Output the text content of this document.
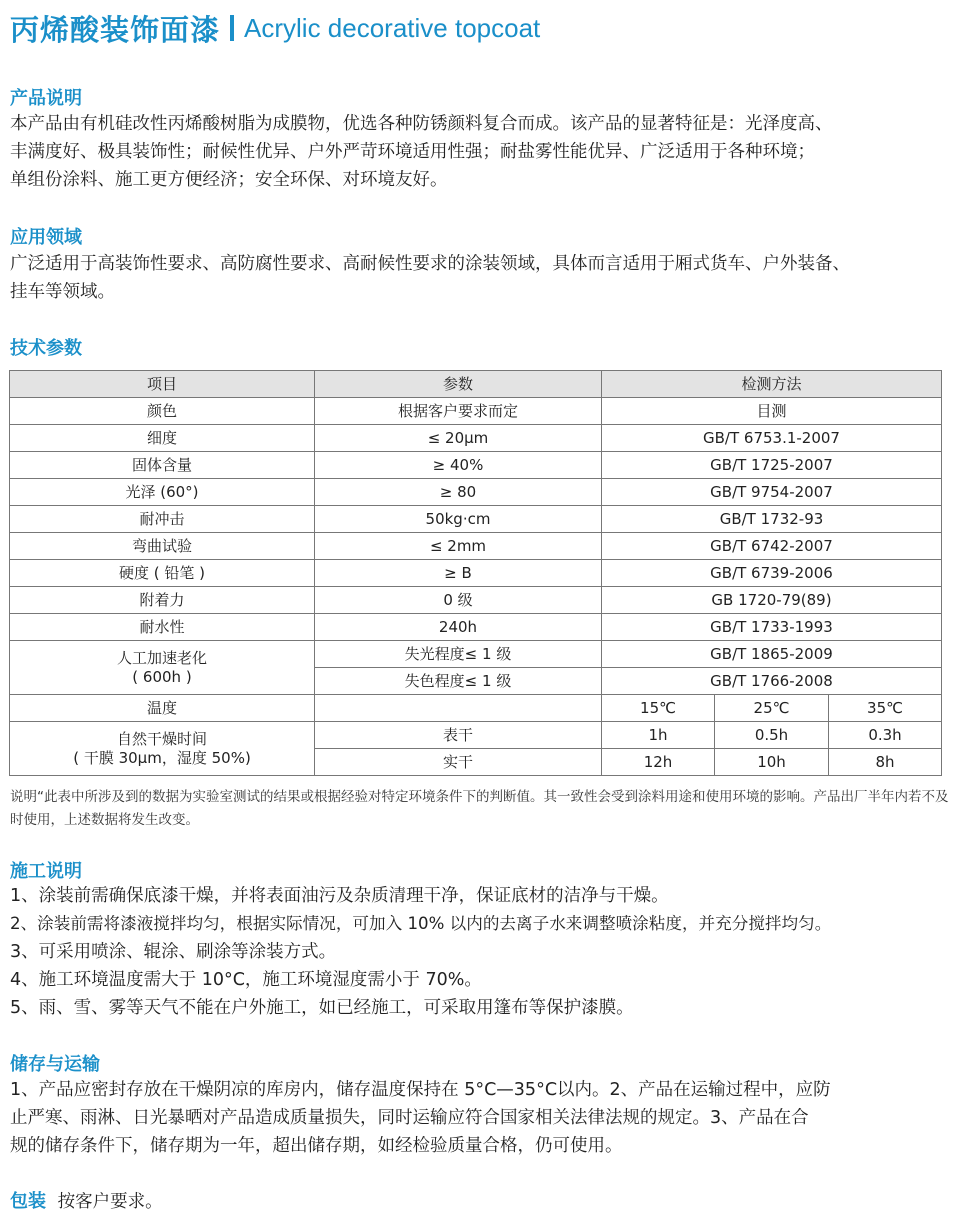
丙烯酸装饰面漆 Acrylic decorative topcoat
产品说明
本产品由有机硅改性丙烯酸树脂为成膜物，优选各种防锈颜料复合而成。该产品的显著特征是：光泽度高、
丰满度好、极具装饰性；耐候性优异、户外严苛环境适用性强；耐盐雾性能优异、广泛适用于各种环境；
单组份涂料、施工更方便经济；安全环保、对环境友好。
应用领域
广泛适用于高装饰性要求、高防腐性要求、高耐候性要求的涂装领域，具体而言适用于厢式货车、户外装备、
挂车等领域。
技术参数
项目	参数	检测方法		
颜色	根据客户要求而定	目测		
细度	≤ 20μm	GB/T 6753.1-2007		
固体含量	≥ 40%	GB/T 1725-2007		
光泽 (60°)	≥ 80	GB/T 9754-2007		
耐冲击	50kg·cm	GB/T 1732-93		
弯曲试验	≤ 2mm	GB/T 6742-2007		
硬度 ( 铅笔 )	≥ B	GB/T 6739-2006		
附着力	0 级	GB 1720-79(89)		
耐水性	240h	GB/T 1733-1993		

人工加速老化
( 600h )	失光程度≤ 1 级	GB/T 1865-2009		
	失色程度≤ 1 级	GB/T 1766-2008		
温度		15℃	25℃	35℃

自然干燥时间
( 干膜 30μm，湿度 50%)	表干	1h	0.5h	0.3h
	实干	12h	10h	8h
说明“此表中所涉及到的数据为实验室测试的结果或根据经验对特定环境条件下的判断值。其一致性会受到涂料用途和使用环境的影响。产品出厂半年内若不及时使用，上述数据将发生改变。
施工说明
1、涂装前需确保底漆干燥，并将表面油污及杂质清理干净，保证底材的洁净与干燥。
2、涂装前需将漆液搅拌均匀，根据实际情况，可加入 10% 以内的去离子水来调整喷涂粘度，并充分搅拌均匀。
3、可采用喷涂、辊涂、刷涂等涂装方式。
4、施工环境温度需大于 10°C，施工环境湿度需小于 70%。
5、雨、雪、雾等天气不能在户外施工，如已经施工，可采取用篷布等保护漆膜。
储存与运输
1、产品应密封存放在干燥阴凉的库房内，储存温度保持在 5°C—35°C以内。2、产品在运输过程中，应防
止严寒、雨淋、日光暴晒对产品造成质量损失，同时运输应符合国家相关法律法规的规定。3、产品在合
规的储存条件下，储存期为一年，超出储存期，如经检验质量合格，仍可使用。
包装 按客户要求。
